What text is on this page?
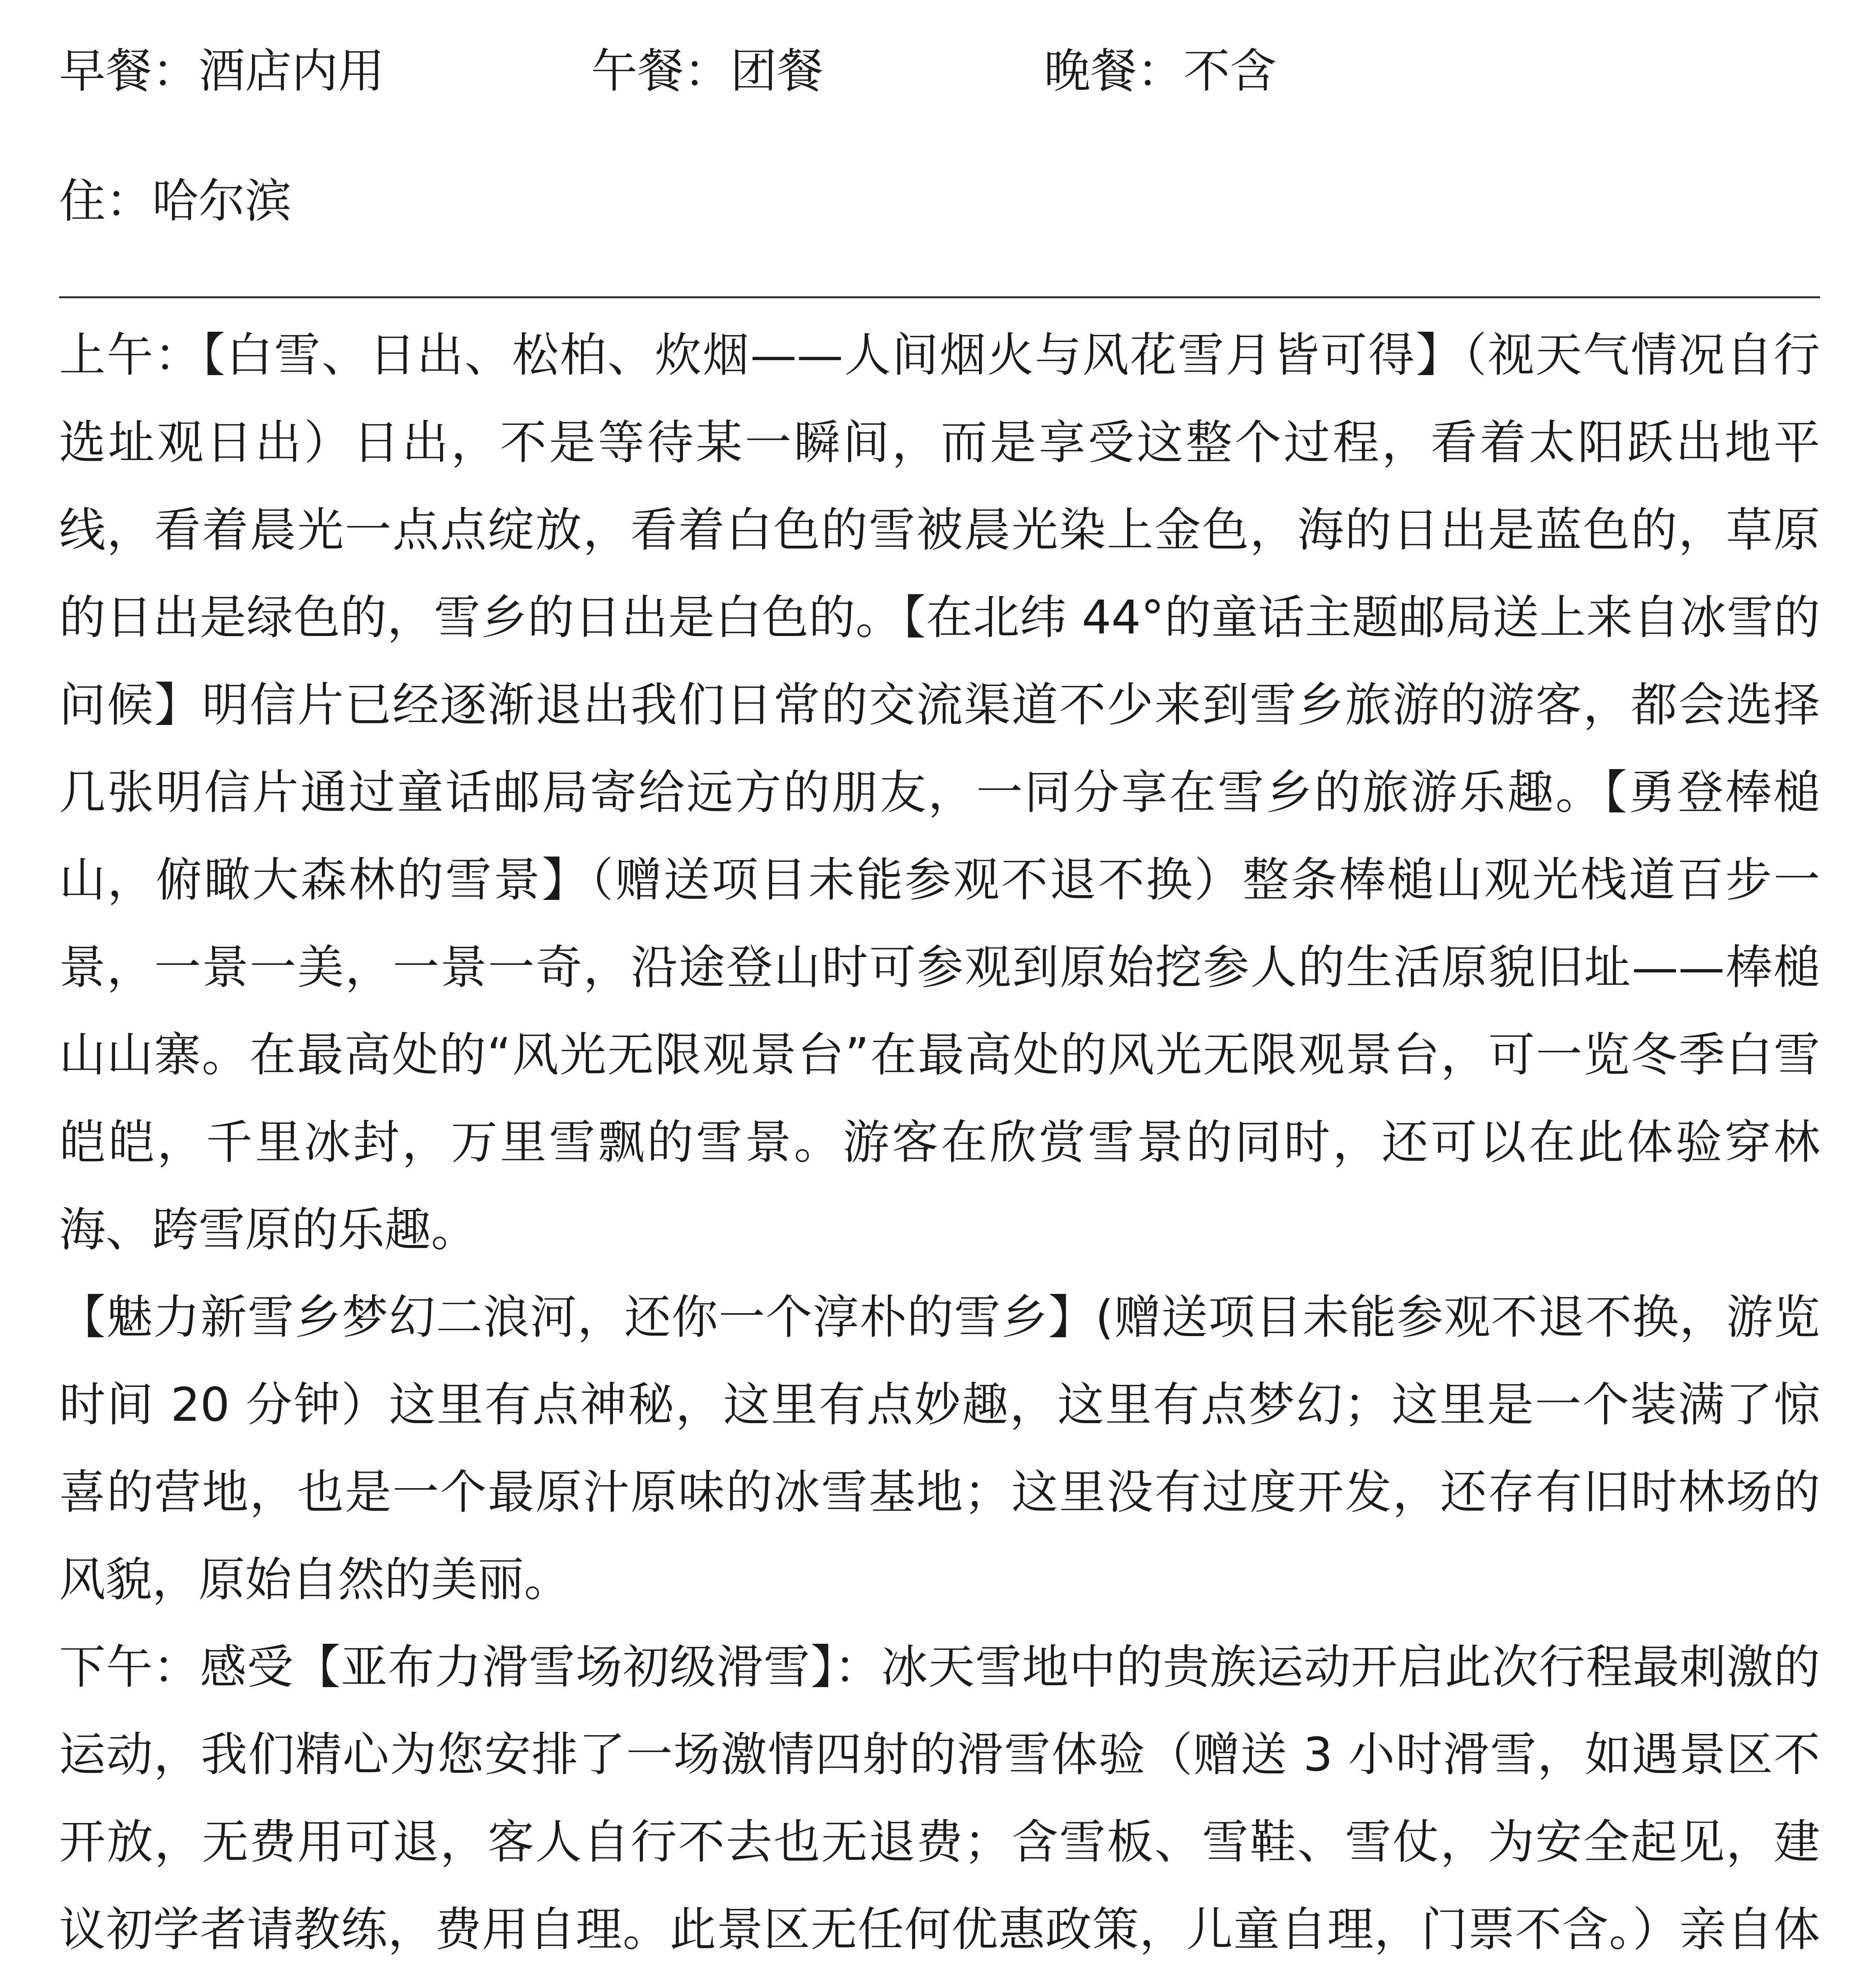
早餐：酒店内用	午餐：团餐	晚餐：不含
住：哈尔滨

上午：【白雪、日出、松柏、炊烟——人间烟火与风花雪月皆可得】（视天气情况自行选址观日出）日出，不是等待某一瞬间，而是享受这整个过程，看着太阳跃出地平线，看着晨光一点点绽放，看着白色的雪被晨光染上金色，海的日出是蓝色的，草原的日出是绿色的，雪乡的日出是白色的。【在北纬 44°的童话主题邮局送上来自冰雪的问候】明信片已经逐渐退出我们日常的交流渠道不少来到雪乡旅游的游客，都会选择几张明信片通过童话邮局寄给远方的朋友，一同分享在雪乡的旅游乐趣。【勇登棒槌山，俯瞰大森林的雪景】（赠送项目未能参观不退不换）整条棒槌山观光栈道百步一景，一景一美，一景一奇，沿途登山时可参观到原始挖参人的生活原貌旧址——棒槌山山寨。在最高处的“风光无限观景台”在最高处的风光无限观景台，可一览冬季白雪皑皑，千里冰封，万里雪飘的雪景。游客在欣赏雪景的同时，还可以在此体验穿林海、跨雪原的乐趣。

【魅力新雪乡梦幻二浪河，还你一个淳朴的雪乡】(赠送项目未能参观不退不换，游览时间 20 分钟）这里有点神秘，这里有点妙趣，这里有点梦幻；这里是一个装满了惊喜的营地，也是一个最原汁原味的冰雪基地；这里没有过度开发，还存有旧时林场的风貌，原始自然的美丽。

下午：感受【亚布力滑雪场初级滑雪】：冰天雪地中的贵族运动开启此次行程最刺激的运动，我们精心为您安排了一场激情四射的滑雪体验（赠送 3 小时滑雪，如遇景区不开放，无费用可退，客人自行不去也无退费；含雪板、雪鞋、雪仗，为安全起见，建议初学者请教练，费用自理。此景区无任何优惠政策，儿童自理，门票不含。）亲自体
